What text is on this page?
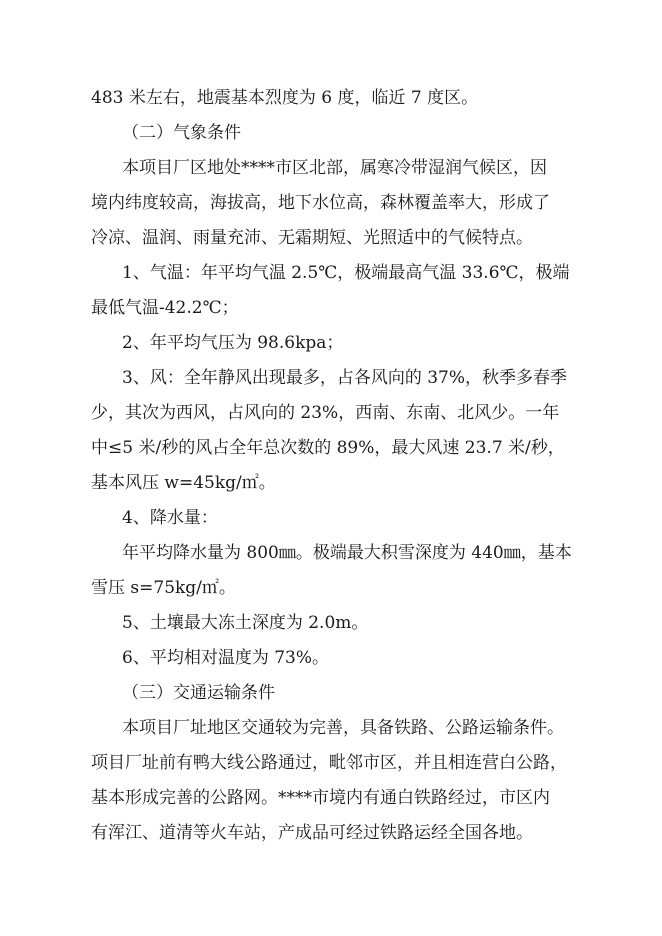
483 米左右，地震基本烈度为 6 度，临近 7 度区。
（二）气象条件
本项目厂区地处****市区北部，属寒冷带湿润气候区，因
境内纬度较高，海拔高，地下水位高，森林覆盖率大，形成了
冷凉、温润、雨量充沛、无霜期短、光照适中的气候特点。
1、气温：年平均气温 2.5℃，极端最高气温 33.6℃，极端
最低气温-42.2℃；
2、年平均气压为 98.6kpa；
3、风：全年静风出现最多，占各风向的 37%，秋季多春季
少，其次为西风，占风向的 23%，西南、东南、北风少。一年
中≤5 米/秒的风占全年总次数的 89%，最大风速 23.7 米/秒，
基本风压 w=45kg/㎡。
4、降水量：
年平均降水量为 800㎜。极端最大积雪深度为 440㎜，基本
雪压 s=75kg/㎡。
5、土壤最大冻土深度为 2.0m。
6、平均相对温度为 73%。
（三）交通运输条件
本项目厂址地区交通较为完善，具备铁路、公路运输条件。
项目厂址前有鸭大线公路通过，毗邻市区，并且相连营白公路，
基本形成完善的公路网。****市境内有通白铁路经过，市区内
有浑江、道清等火车站，产成品可经过铁路运经全国各地。
